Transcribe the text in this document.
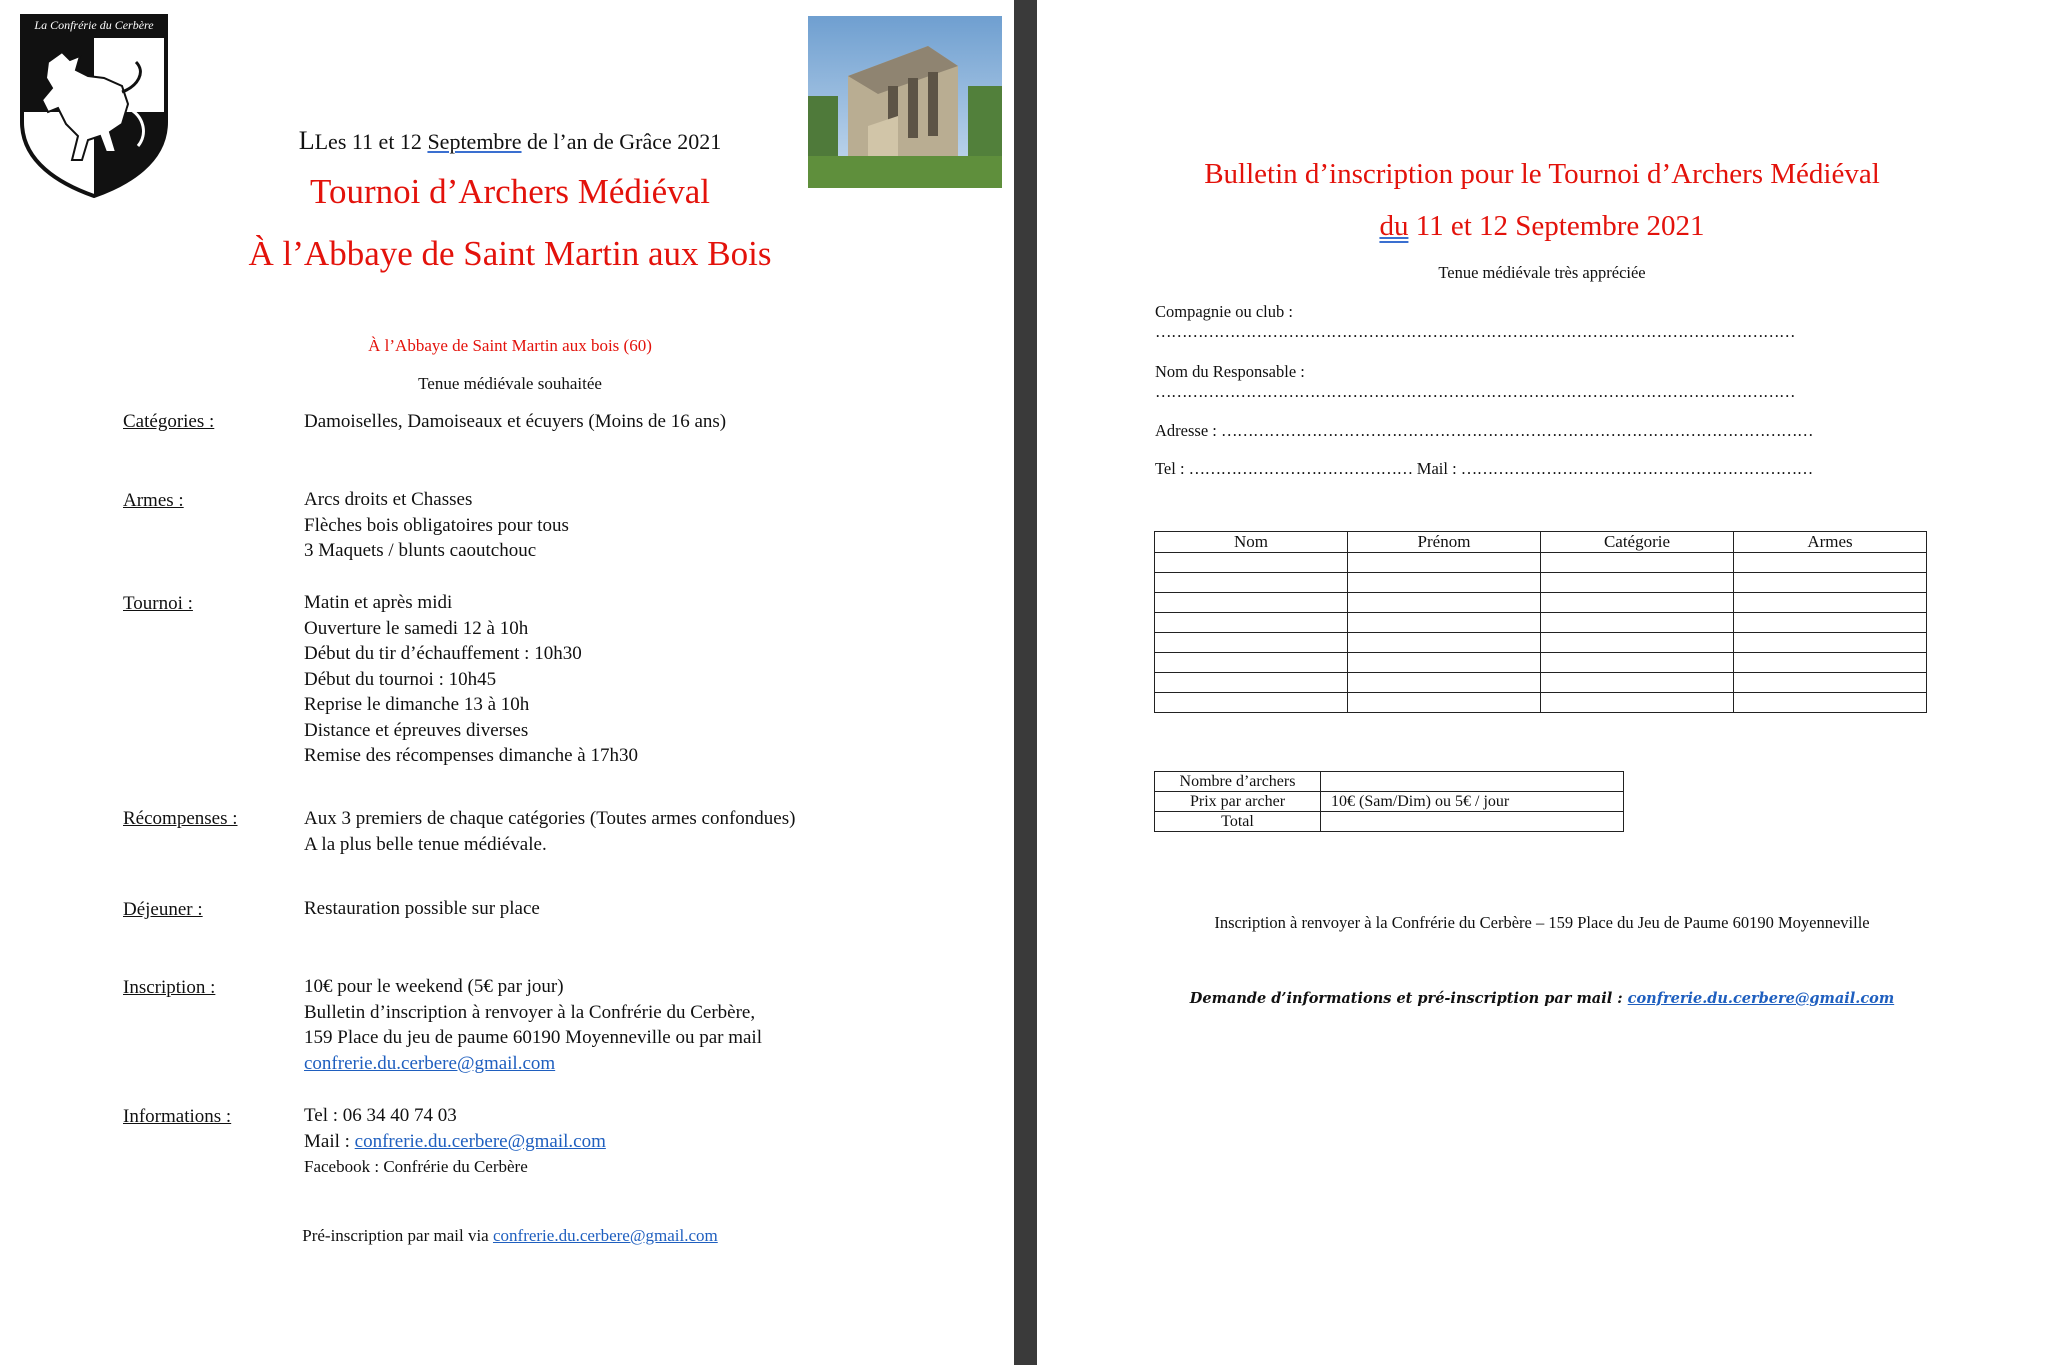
La Confrérie du Cerbère
LLes 11 et 12 Septembre de l’an de Grâce 2021
Tournoi d’Archers Médiéval
À l’Abbaye de Saint Martin aux Bois
À l’Abbaye de Saint Martin aux bois (60)
Tenue médiévale souhaitée
Catégories :	Damoiselles, Damoiseaux et écuyers (Moins de 16 ans)
Armes :	Arcs droits et Chasses
Flèches bois obligatoires pour tous
3 Maquets / blunts caoutchouc
Tournoi :	Matin et après midi
Ouverture le samedi 12 à 10h
Début du tir d’échauffement : 10h30
Début du tournoi : 10h45
Reprise le dimanche 13 à 10h
Distance et épreuves diverses
Remise des récompenses dimanche à 17h30
Récompenses :	Aux 3 premiers de chaque catégories (Toutes armes confondues)
A la plus belle tenue médiévale.
Déjeuner :	Restauration possible sur place
Inscription :	10€ pour le weekend (5€ par jour)
Bulletin d’inscription à renvoyer à la Confrérie du Cerbère,
159 Place du jeu de paume 60190 Moyenneville ou par mail
confrerie.du.cerbere@gmail.com
Informations :	Tel : 06 34 40 74 03
Mail : confrerie.du.cerbere@gmail.com
Facebook : Confrérie du Cerbère
Pré-inscription par mail via confrerie.du.cerbere@gmail.com
Bulletin d’inscription pour le Tournoi d’Archers Médiéval
du 11 et 12 Septembre 2021
Tenue médiévale très appréciée
Compagnie ou club :
…………………………………………………………………………………………………………
Nom du Responsable :
…………………………………………………………………………………………………………
Adresse : …………………………………………………………………………………………………
Tel : …………………………………… Mail : …………………………………………………………
Nom	Prénom	Catégorie	Armes

Nombre d’archers	
Prix par archer	10€ (Sam/Dim) ou 5€ / jour
Total	
Inscription à renvoyer à la Confrérie du Cerbère – 159 Place du Jeu de Paume 60190 Moyenneville
Demande d’informations et pré-inscription par mail : confrerie.du.cerbere@gmail.com
